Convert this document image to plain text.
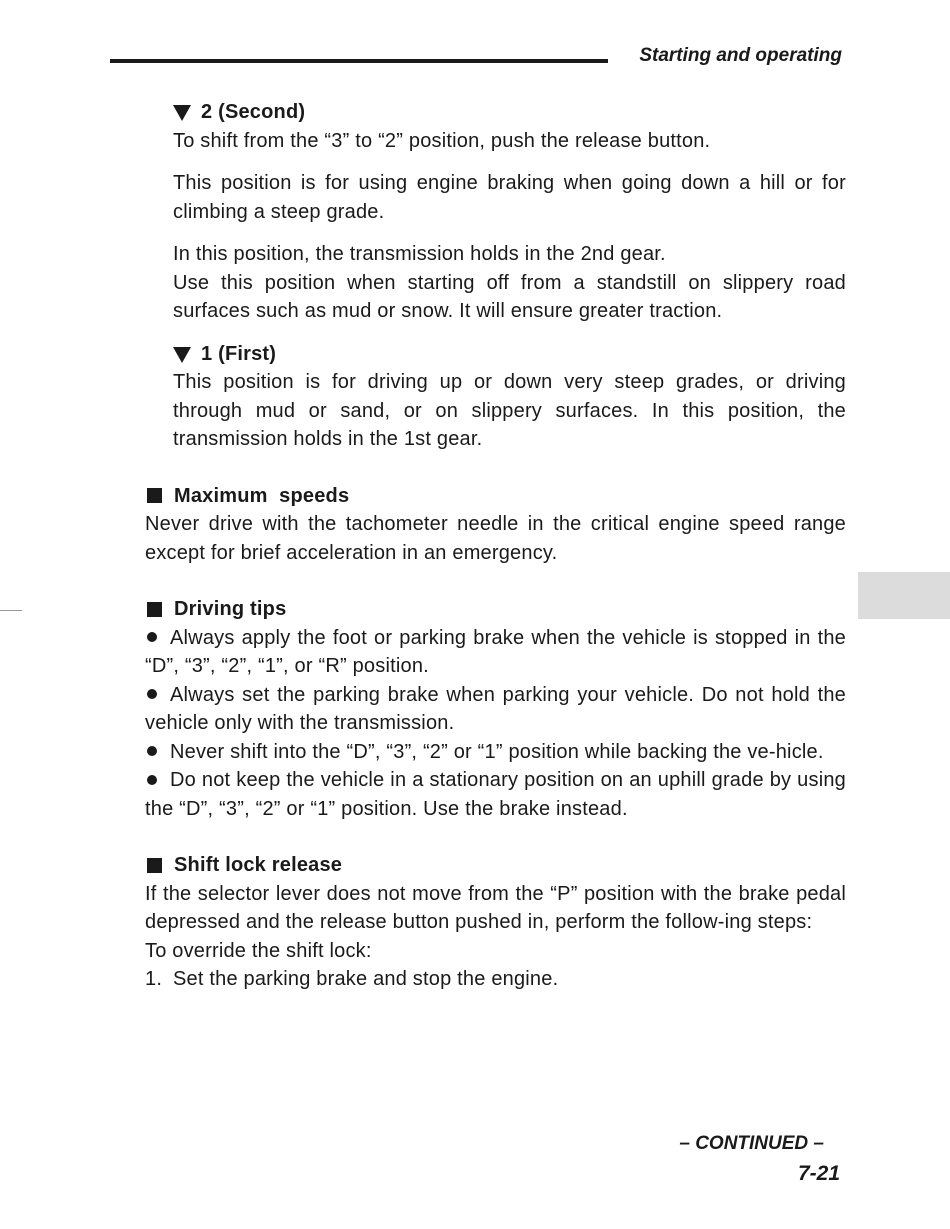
Starting and operating
2 (Second)

To shift from the “3” to “2” position, push the release button.

This position is for using engine braking when going down a hill or for climbing a steep grade.

In this position, the transmission holds in the 2nd gear.

Use this position when starting off from a standstill on slippery road surfaces such as mud or snow. It will ensure greater traction.

1 (First)

This position is for driving up or down very steep grades, or driving through mud or sand, or on slippery surfaces. In this position, the transmission holds in the 1st gear.

Maximum  speeds

Never drive with the tachometer needle in the critical engine speed range except for brief acceleration in an emergency.

Driving tips
Always apply the foot or parking brake when the vehicle is stopped in the “D”, “3”, “2”, “1”, or “R” position.
Always set the parking brake when parking your vehicle. Do not hold the vehicle only with the transmission.
Never shift into the “D”, “3”, “2” or “1” position while backing the ve-hicle.
Do not keep the vehicle in a stationary position on an uphill grade by using the “D”, “3”, “2” or “1” position. Use the brake instead.
Shift lock release

If the selector lever does not move from the “P” position with the brake pedal depressed and the release button pushed in, perform the follow-ing steps:

To override the shift lock:

1. Set the parking brake and stop the engine.
– CONTINUED –
7-21
